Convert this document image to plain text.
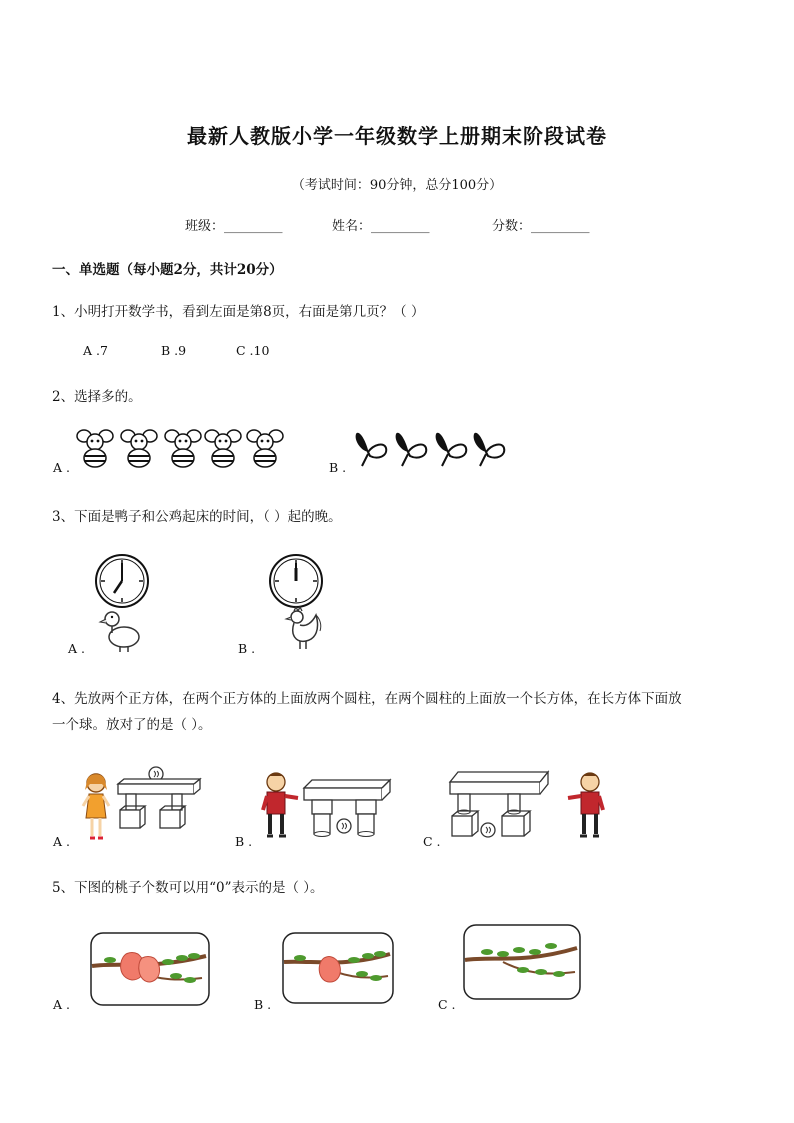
最新人教版小学一年级数学上册期末阶段试卷
（考试时间：90分钟，总分100分）
班级：_________	姓名：_________	分数：_________
一、单选题（每小题2分，共计20分）
1、小明打开数学书，看到左面是第8页，右面是第几页？（ ）
A .7	B .9	C .10
2、选择多的。
A .	B .
3、下面是鸭子和公鸡起床的时间，（ ）起的晚。
A .	B .
4、先放两个正方体，在两个正方体的上面放两个圆柱，在两个圆柱的上面放一个长方体，在长方体下面放
一个球。放对了的是（ ）。
A .	B .	C .
5、下图的桃子个数可以用“0”表示的是（ ）。
A .	B .	C .
